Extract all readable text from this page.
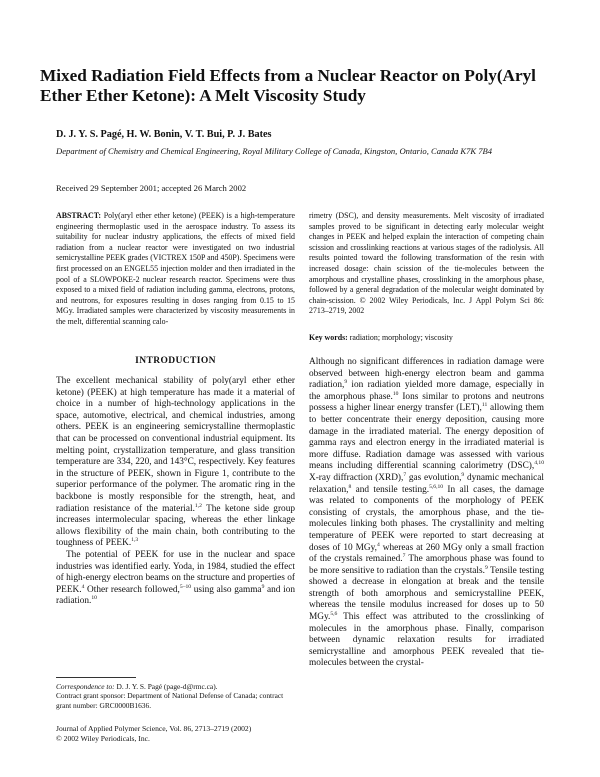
Mixed Radiation Field Effects from a Nuclear Reactor on Poly(Aryl Ether Ether Ketone): A Melt Viscosity Study
D. J. Y. S. Pagé, H. W. Bonin, V. T. Bui, P. J. Bates
Department of Chemistry and Chemical Engineering, Royal Military College of Canada, Kingston, Ontario, Canada K7K 7B4
Received 29 September 2001; accepted 26 March 2002
ABSTRACT: Poly(aryl ether ether ketone) (PEEK) is a high-temperature engineering thermoplastic used in the aerospace industry. To assess its suitability for nuclear industry applications, the effects of mixed field radiation from a nuclear reactor were investigated on two industrial semicrystalline PEEK grades (VICTREX 150P and 450P). Specimens were first processed on an ENGEL55 injection molder and then irradiated in the pool of a SLOWPOKE-2 nuclear research reactor. Specimens were thus exposed to a mixed field of radiation including gamma, electrons, protons, and neutrons, for exposures resulting in doses ranging from 0.15 to 15 MGy. Irradiated samples were characterized by viscosity measurements in the melt, differential scanning calo-
rimetry (DSC), and density measurements. Melt viscosity of irradiated samples proved to be significant in detecting early molecular weight changes in PEEK and helped explain the interaction of competing chain scission and crosslinking reactions at various stages of the radiolysis. All results pointed toward the following transformation of the resin with increased dosage: chain scission of the tie-molecules between the amorphous and crystalline phases, crosslinking in the amorphous phase, followed by a general degradation of the molecular weight dominated by chain-scission. © 2002 Wiley Periodicals, Inc. J Appl Polym Sci 86: 2713–2719, 2002
Key words: radiation; morphology; viscosity
INTRODUCTION

The excellent mechanical stability of poly(aryl ether ether ketone) (PEEK) at high temperature has made it a material of choice in a number of high-technology applications in the space, automotive, electrical, and chemical industries, among others. PEEK is an engineering semicrystalline thermoplastic that can be processed on conventional industrial equipment. Its melting point, crystallization temperature, and glass transition temperature are 334, 220, and 143°C, respectively. Key features in the structure of PEEK, shown in Figure 1, contribute to the superior performance of the polymer. The aromatic ring in the backbone is mostly responsible for the strength, heat, and radiation resistance of the material.$^{1,2}$ The ketone side group increases intermolecular spacing, whereas the ether linkage allows flexibility of the main chain, both contributing to the toughness of PEEK.$^{1,3}$

The potential of PEEK for use in the nuclear and space industries was identified early. Yoda, in 1984, studied the effect of high-energy electron beams on the structure and properties of PEEK.$^4$ Other research followed,$^{5-10}$ using also gamma$^9$ and ion radiation.$^{10}$

Although no significant differences in radiation damage were observed between high-energy electron beam and gamma radiation,$^9$ ion radiation yielded more damage, especially in the amorphous phase.$^{10}$ Ions similar to protons and neutrons possess a higher linear energy transfer (LET),$^{11}$ allowing them to better concentrate their energy deposition, causing more damage in the irradiated material. The energy deposition of gamma rays and electron energy in the irradiated material is more diffuse. Radiation damage was assessed with various means including differential scanning calorimetry (DSC),$^{4,10}$ X-ray diffraction (XRD),$^7$ gas evolution,$^9$ dynamic mechanical relaxation,$^8$ and tensile testing.$^{5,6,10}$ In all cases, the damage was related to components of the morphology of PEEK consisting of crystals, the amorphous phase, and the tie-molecules linking both phases. The crystallinity and melting temperature of PEEK were reported to start decreasing at doses of 10 MGy,$^4$ whereas at 260 MGy only a small fraction of the crystals remained.$^7$ The amorphous phase was found to be more sensitive to radiation than the crystals.$^9$ Tensile testing showed a decrease in elongation at break and the tensile strength of both amorphous and semicrystalline PEEK, whereas the tensile modulus increased for doses up to 50 MGy.$^{5,6}$ This effect was attributed to the crosslinking of molecules in the amorphous phase. Finally, comparison between dynamic relaxation results for irradiated semicrystalline and amorphous PEEK revealed that tie-molecules between the crystal-

Correspondence to: D. J. Y. S. Pagé (page-d@rmc.ca).
Contract grant sponsor: Department of National Defense of Canada; contract grant number: GRC0000B1636.
Journal of Applied Polymer Science, Vol. 86, 2713–2719 (2002)
© 2002 Wiley Periodicals, Inc.
